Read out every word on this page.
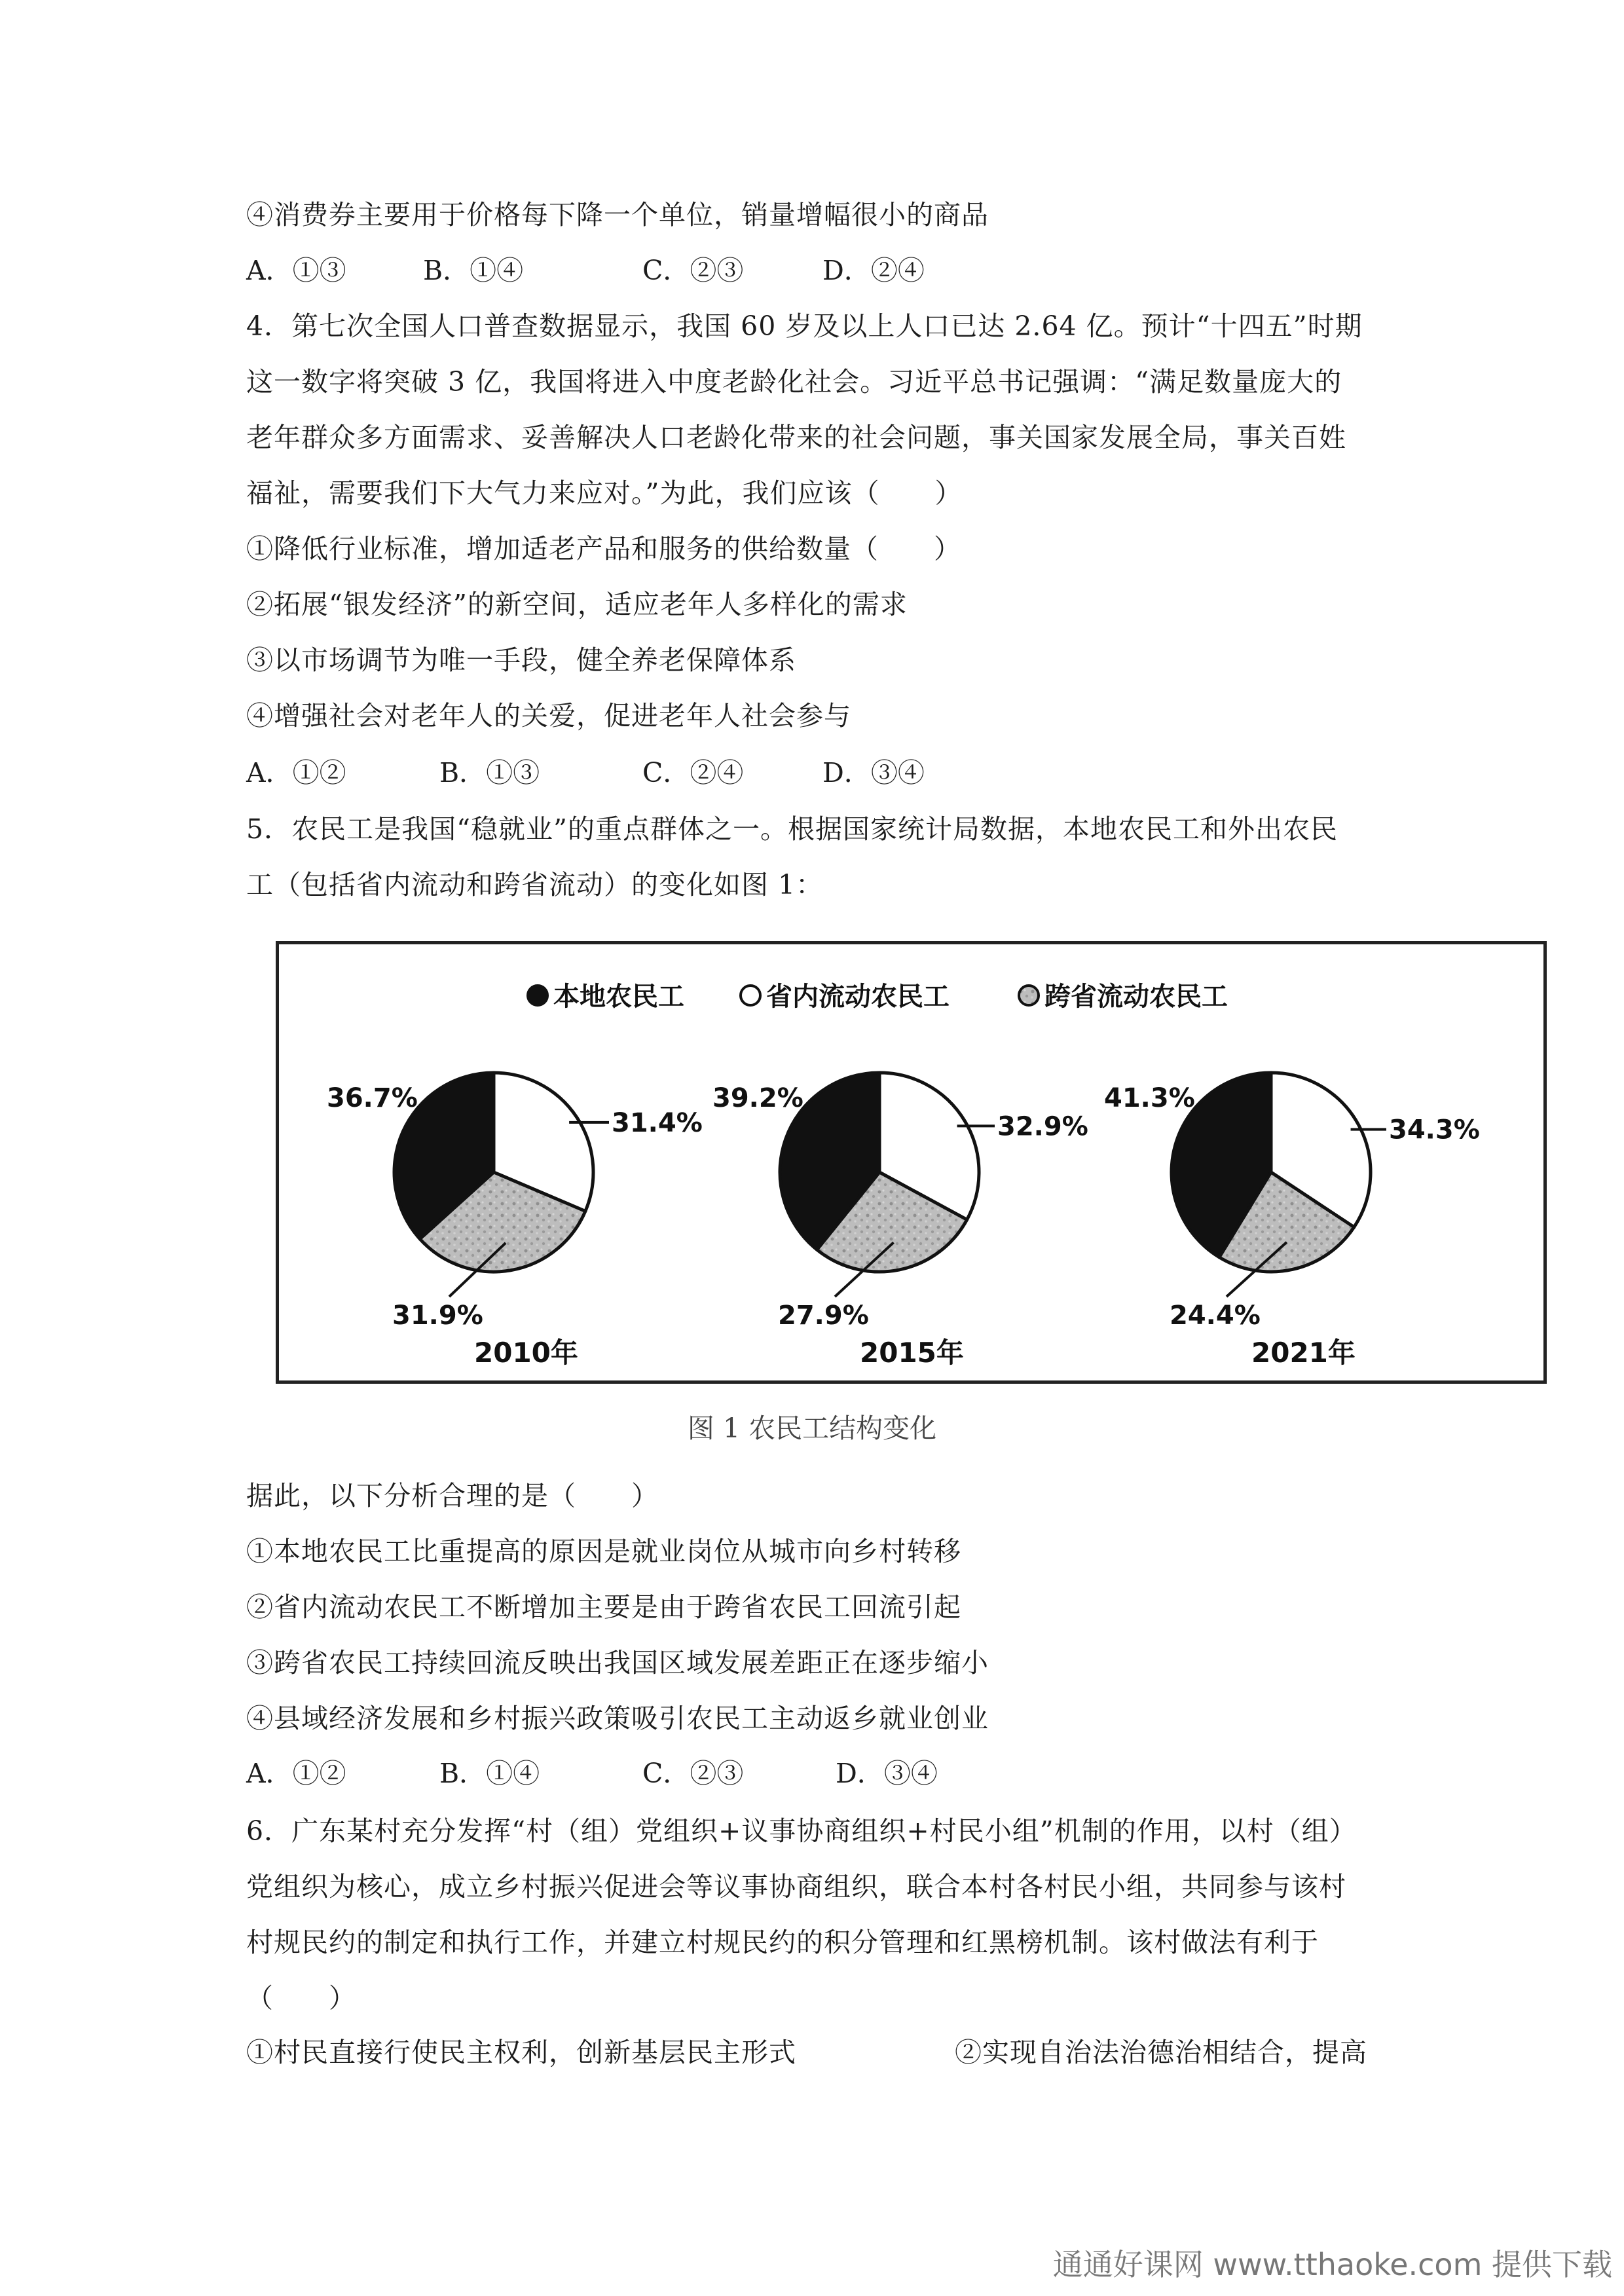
④消费券主要用于价格每下降一个单位，销量增幅很小的商品
A．①③	B．①④	C．②③	D．②④
4．第七次全国人口普查数据显示，我国 60 岁及以上人口已达 2.64 亿。预计“十四五”时期
这一数字将突破 3 亿，我国将进入中度老龄化社会。习近平总书记强调：“满足数量庞大的
老年群众多方面需求、妥善解决人口老龄化带来的社会问题，事关国家发展全局，事关百姓
福祉，需要我们下大气力来应对。”为此，我们应该（　　）
①降低行业标准，增加适老产品和服务的供给数量（　　）
②拓展“银发经济”的新空间，适应老年人多样化的需求
③以市场调节为唯一手段，健全养老保障体系
④增强社会对老年人的关爱，促进老年人社会参与
A．①②	B．①③	C．②④	D．③④
5．农民工是我国“稳就业”的重点群体之一。根据国家统计局数据，本地农民工和外出农民
工（包括省内流动和跨省流动）的变化如图 1：
本地农民工	省内流动农民工	跨省流动农民工
36.7%
31.4%
31.9%
2010年
39.2%
32.9%
27.9%
2015年
41.3%
34.3%
24.4%
2021年
图 1 农民工结构变化
据此，以下分析合理的是（　　）
①本地农民工比重提高的原因是就业岗位从城市向乡村转移
②省内流动农民工不断增加主要是由于跨省农民工回流引起
③跨省农民工持续回流反映出我国区域发展差距正在逐步缩小
④县域经济发展和乡村振兴政策吸引农民工主动返乡就业创业
A．①②	B．①④	C．②③	D．③④
6．广东某村充分发挥“村（组）党组织+议事协商组织+村民小组”机制的作用，以村（组）
党组织为核心，成立乡村振兴促进会等议事协商组织，联合本村各村民小组，共同参与该村
村规民约的制定和执行工作，并建立村规民约的积分管理和红黑榜机制。该村做法有利于
（　　）
①村民直接行使民主权利，创新基层民主形式	②实现自治法治德治相结合，提高
通通好课网 www.tthaoke.com 提供下载
